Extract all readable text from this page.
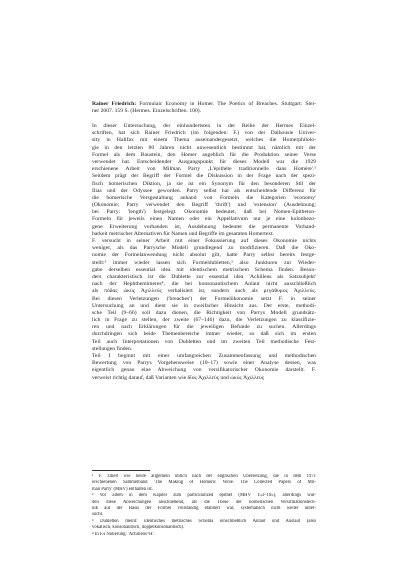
Rainer Friedrich: Formulaic Economy in Homer. The Poetics of Breaches. Stuttgart: Stei-
ner 2007. 159 S. (Hermes. Einzelschriften. 100).
In dieser Untersuchung, der einhundertsten in der Reihe der Hermes Einzel-
schriften, hat sich Rainer Friedrich (im folgenden: F.) von der Dalhousie Univer-
sity in Halifax mit einem Thema auseinandergesetzt, welches die Homerphilolo-
gie in den letzten 80 Jahren nicht unwesentlich bestimmt hat, nämlich mit der
Formel als dem Baustein, den Homer angeblich für die Produktion seiner Verse
verwendet hat. Entscheidender Ausgangspunkt für dieses Modell war die 1929
erschienene Arbeit von Milman Parry ‚L'épithète traditionnelle dans Homère'.¹
Seitdem prägt der Begriff der Formel die Diskussion in der Frage nach der spezi-
fisch homerischen Diktion, ja sie ist ein Synonym für den besonderen Stil der
Ilias und der Odyssee geworden. Parry selbst hat als entscheidende Differenz für
die homerische Versgestaltung anhand von Formeln die Kategorien 'economy'
(Ökonomie; Parry verwendet den Begriff 'thrift') und 'extension' (Ausdehnung;
bei Parry: 'length') festgelegt. Ökonomie bedeutet, daß bei Nomen-Epitheton-
Formeln für jeweils einen Namen oder ein Appellativum nur je eine kolonbezo-
gene Erweiterung vorhanden ist, Ausdehnung bedeutet die permanente Vorhand-
barkeit metrischer Alternativen für Namen und Begriffe im gesamten Homertext.
F. versucht in seiner Arbeit mit einer Fokussierung auf dieses Ökonomie nichts
weniger, als das Parrysche Modell grundlegend zu modifizieren. Daß die Öko-
nomie der Formelanwendung nicht absolut gilt, hatte Parry selbst bereits festge-
stellt:² immer wieder lassen sich Formeldubletten,³ also Junkturen zur Wieder-
gabe derselben essential idea mit identischem metrischem Schema finden. Beson-
ders charakteristisch ist die Dublette zur essential idea 'Achilleus als Satzsubjekt'
nach der Hephthemimeres⁴, die bei konsonantischem Anlaut nicht ausschließlich
als πόδας ὠκὺς Ἀχιλλεύς verbalisiert ist, sondern auch als μεγάθυμος Ἀχιλλεύς.
Bei diesen Verletzungen ('breaches') der Formelökonomie setzt F. in seiner
Untersuchung an und dient sie in zweifacher Hinsicht aus. Der erste, methodi-
sche Teil (9–66) soll dazu dienen, die Richtigkeit von Parrys Modell grundsätz-
lich in Frage zu stellen, der zweite (67–146) dazu, die Verletzungen zu klassifizie-
ren und nach Erklärungen für die jeweiligen Befunde zu suchen. Allerdings
durchdringen sich beide Themenbereiche immer wieder, so daß sich im ersten
Teil auch Interpretationen von Dubletten und im zweiten Teil methodische Fest-
stellungen finden.
Teil I beginnt mit einer umfangreichen Zusammenfassung und methodischen
Bewertung von Parrys Vorgehensweise (10–17) sowie einer Analyse dessen, was
eigentlich genau eine Abweichung von versifikatorischer Ökonomie darstellt. F.
verweist richtig darauf, daß Varianten wie δῖος Ἀχιλλεύς und ὠκὺς Ἀχιλλεύς
¹ F. zitiert wie heute allgemein üblich nach der englischen Übersetzung, die in dem 1971
erschienenen Sammelband 'The Making of Homeric Verse. The Collected Papers of Mil-
man Parry' (MHV) enthalten ist.
² Vor allem in dem Kapitel zum particularized epithet (MHV 153–165), allerdings wur-
den diese Abweichungen anschließend, als die These der homerischen Versifikationstech-
nik auf der Basis der Formel vollständig etabliert war, systematisch nicht weiter unter-
sucht.
³ Dubletten meint: identisches metrisches Schema einschließlich Anlaut und Auslaut (also
vokalisch, konsonantisch, doppelkonsonantisch).
⁴ In F.s Notierung: 'Achilleus^H'.
